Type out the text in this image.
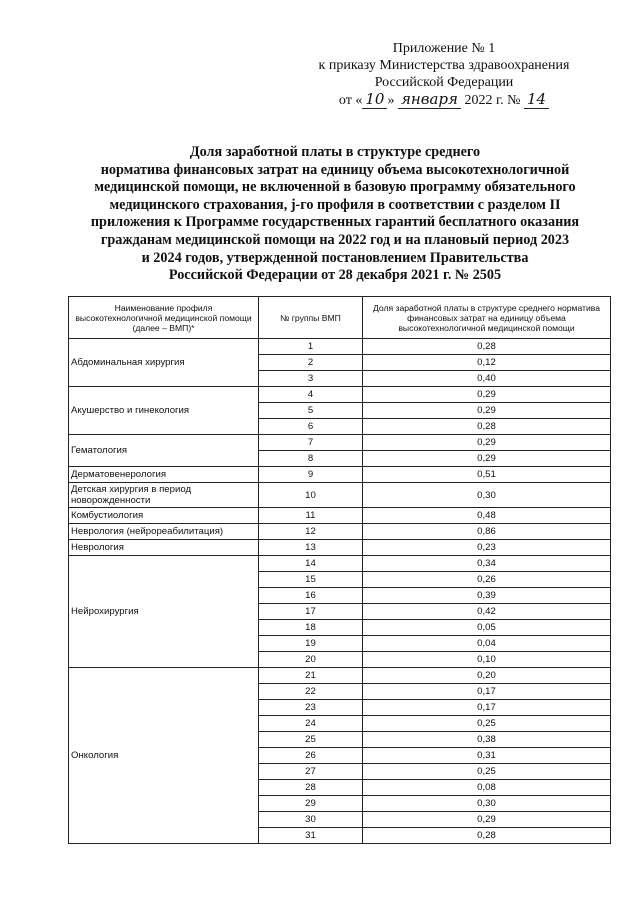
Приложение № 1
к приказу Министерства здравоохранения
Российской Федерации
от « 10 » января 2022 г. № 14
Доля заработной платы в структуре среднего
норматива финансовых затрат на единицу объема высокотехнологичной
медицинской помощи, не включенной в базовую программу обязательного
медицинского страхования, j-го профиля в соответствии с разделом II
приложения к Программе государственных гарантий бесплатного оказания
гражданам медицинской помощи на 2022 год и на плановый период 2023
и 2024 годов, утвержденной постановлением Правительства
Российской Федерации от 28 декабря 2021 г. № 2505
Наименование профиля высокотехнологичной медицинской помощи (далее – ВМП)*	№ группы ВМП	Доля заработной платы в структуре среднего норматива финансовых затрат на единицу объема высокотехнологичной медицинской помощи
Абдоминальная хирургия	1	0,28
	2	0,12
	3	0,40
Акушерство и гинекология	4	0,29
	5	0,29
	6	0,28
Гематология	7	0,29
	8	0,29
Дерматовенерология	9	0,51
Детская хирургия в период новорожденности	10	0,30
Комбустиология	11	0,48
Неврология (нейрореабилитация)	12	0,86
Неврология	13	0,23
Нейрохирургия	14	0,34
	15	0,26
	16	0,39
	17	0,42
	18	0,05
	19	0,04
	20	0,10
Онкология	21	0,20
	22	0,17
	23	0,17
	24	0,25
	25	0,38
	26	0,31
	27	0,25
	28	0,08
	29	0,30
	30	0,29
	31	0,28
